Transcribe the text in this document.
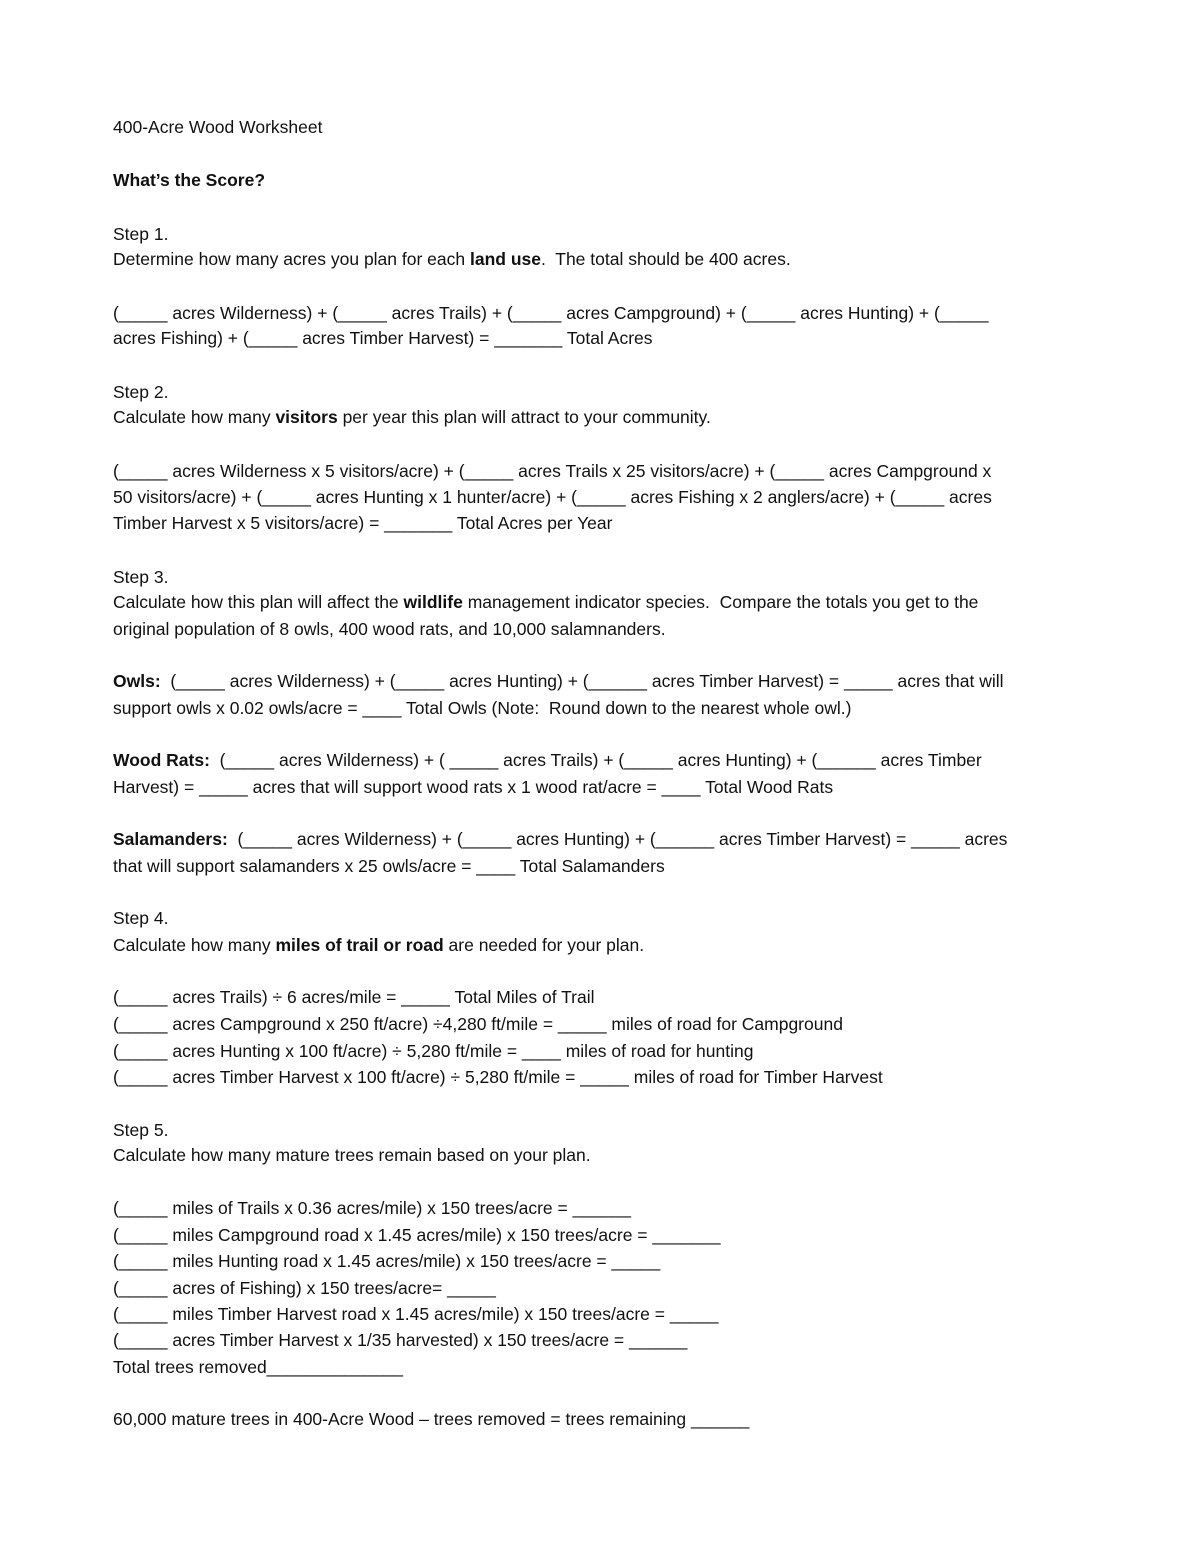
400-Acre Wood Worksheet
What’s the Score?
Step 1.
Determine how many acres you plan for each land use.  The total should be 400 acres.
(_____ acres Wilderness) + (_____ acres Trails) + (_____ acres Campground) + (_____ acres Hunting) + (_____
acres Fishing) + (_____ acres Timber Harvest) = _______ Total Acres
Step 2.
Calculate how many visitors per year this plan will attract to your community.
(_____ acres Wilderness x 5 visitors/acre) + (_____ acres Trails x 25 visitors/acre) + (_____ acres Campground x
50 visitors/acre) + (_____ acres Hunting x 1 hunter/acre) + (_____ acres Fishing x 2 anglers/acre) + (_____ acres
Timber Harvest x 5 visitors/acre) = _______ Total Acres per Year
Step 3.
Calculate how this plan will affect the wildlife management indicator species.  Compare the totals you get to the
original population of 8 owls, 400 wood rats, and 10,000 salamnanders.
Owls:  (_____ acres Wilderness) + (_____ acres Hunting) + (______ acres Timber Harvest) = _____ acres that will
support owls x 0.02 owls/acre = ____ Total Owls (Note:  Round down to the nearest whole owl.)
Wood Rats:  (_____ acres Wilderness) + ( _____ acres Trails) + (_____ acres Hunting) + (______ acres Timber
Harvest) = _____ acres that will support wood rats x 1 wood rat/acre = ____ Total Wood Rats
Salamanders:  (_____ acres Wilderness) + (_____ acres Hunting) + (______ acres Timber Harvest) = _____ acres
that will support salamanders x 25 owls/acre = ____ Total Salamanders
Step 4.
Calculate how many miles of trail or road are needed for your plan.
(_____ acres Trails) ÷ 6 acres/mile = _____ Total Miles of Trail
(_____ acres Campground x 250 ft/acre) ÷4,280 ft/mile = _____ miles of road for Campground
(_____ acres Hunting x 100 ft/acre) ÷ 5,280 ft/mile = ____ miles of road for hunting
(_____ acres Timber Harvest x 100 ft/acre) ÷ 5,280 ft/mile = _____ miles of road for Timber Harvest
Step 5.
Calculate how many mature trees remain based on your plan.
(_____ miles of Trails x 0.36 acres/mile) x 150 trees/acre = ______
(_____ miles Campground road x 1.45 acres/mile) x 150 trees/acre = _______
(_____ miles Hunting road x 1.45 acres/mile) x 150 trees/acre = _____
(_____ acres of Fishing) x 150 trees/acre= _____
(_____ miles Timber Harvest road x 1.45 acres/mile) x 150 trees/acre = _____
(_____ acres Timber Harvest x 1/35 harvested) x 150 trees/acre = ______
Total trees removed______________
60,000 mature trees in 400-Acre Wood – trees removed = trees remaining ______
